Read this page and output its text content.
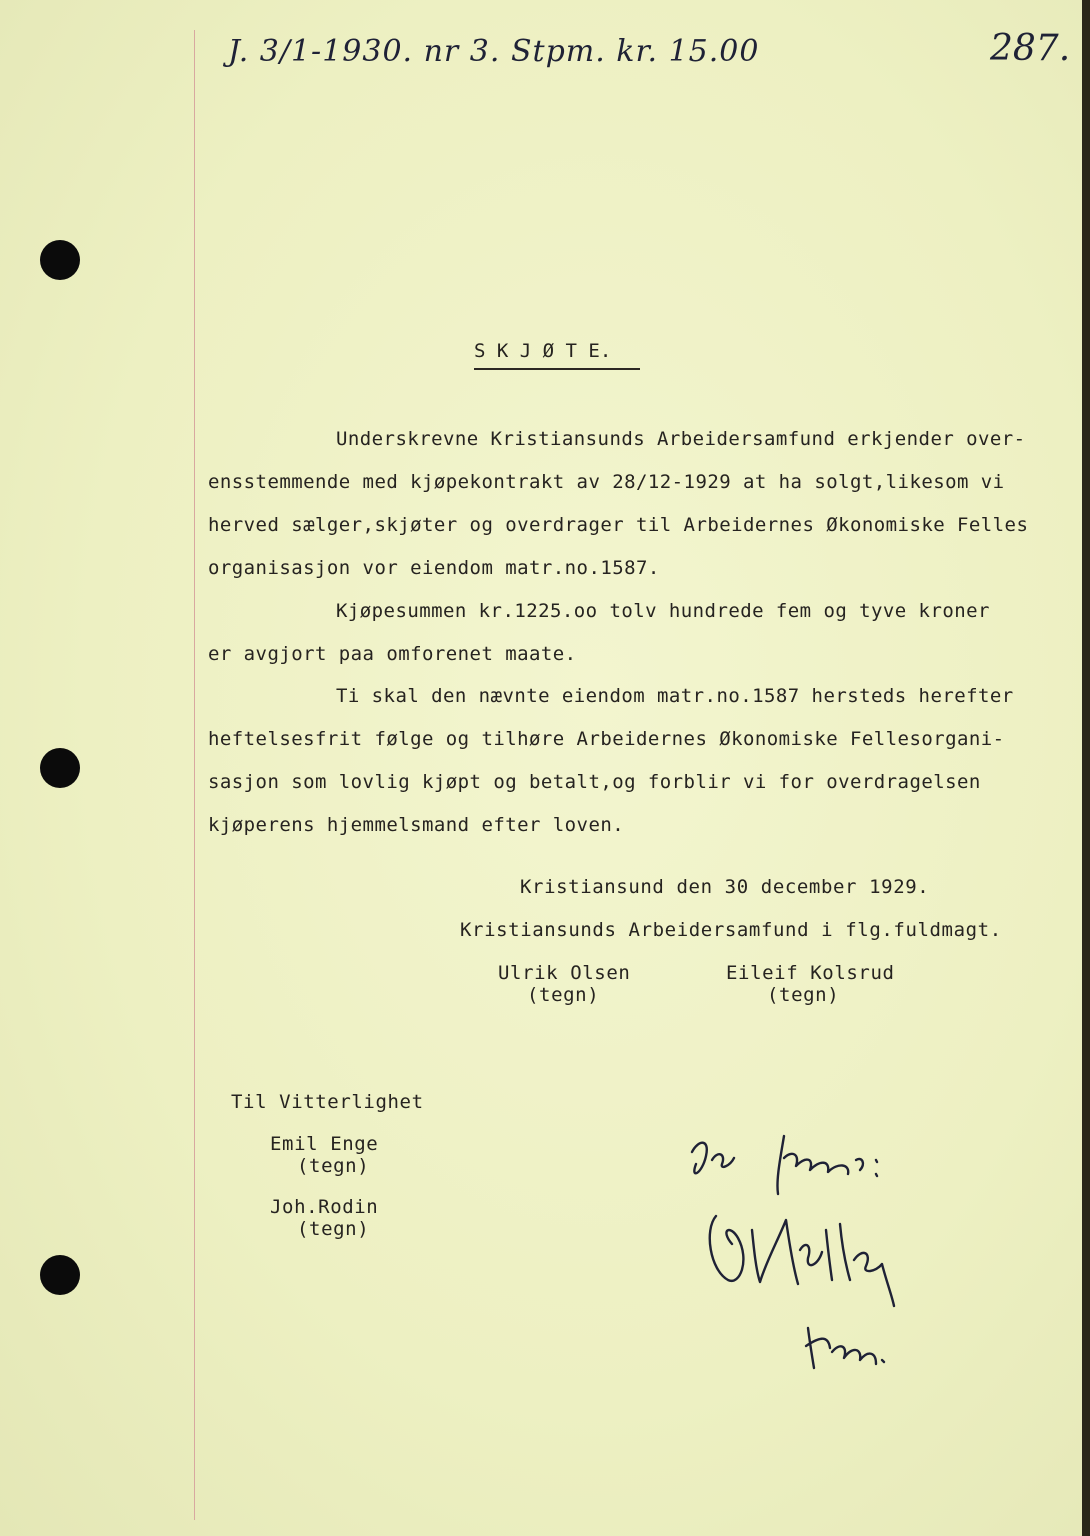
J. 3/1-1930. nr 3. Stpm. kr. 15.00	287.
S K J Ø T E.
Underskrevne Kristiansunds Arbeidersamfund erkjender over-
ensstemmende med kjøpekontrakt av 28/12-1929 at ha solgt,likesom vi
herved sælger,skjøter og overdrager til Arbeidernes Økonomiske Felles
organisasjon vor eiendom matr.no.1587.
Kjøpesummen kr.1225.oo tolv hundrede fem og tyve kroner
er avgjort paa omforenet maate.
Ti skal den nævnte eiendom matr.no.1587 hersteds herefter
heftelsesfrit følge og tilhøre Arbeidernes Økonomiske Fellesorgani-
sasjon som lovlig kjøpt og betalt,og forblir vi for overdragelsen
kjøperens hjemmelsmand efter loven.
Kristiansund den 30 december 1929.
Kristiansunds Arbeidersamfund i flg.fuldmagt.
Ulrik Olsen
(tegn)
Eileif Kolsrud
(tegn)
Til Vitterlighet
Emil Enge
(tegn)
Joh.Rodin
(tegn)
